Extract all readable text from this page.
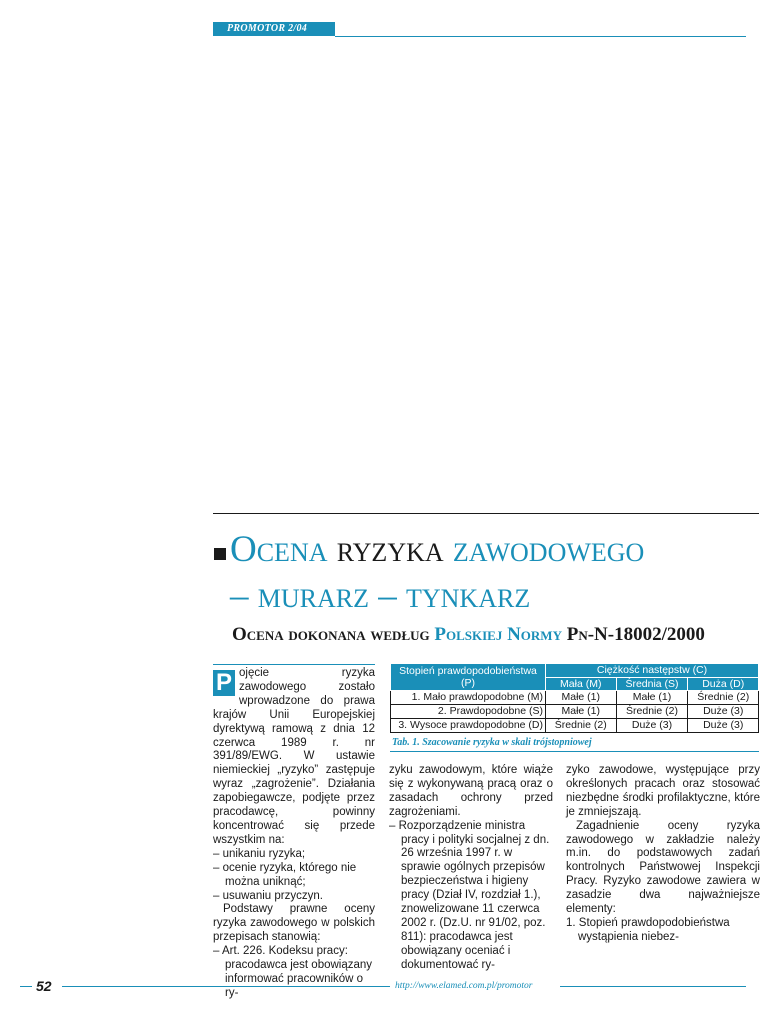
PROMOTOR 2/04
Ocena ryzyka zawodowego
– murarz – tynkarz
Ocena dokonana według Polskiej Normy Pn-N-18002/2000

P ojęcie ryzyka zawodowego zostało wprowadzone do prawa krajów Unii Europejskiej dyrektywą ramową z dnia 12 czerwca 1989 r. nr 391/89/EWG. W ustawie niemieckiej „ryzyko” zastępuje wyraz „zagrożenie”. Działania zapobiegawcze, podjęte przez pracodawcę, powinny koncentrować się przede wszystkim na:

– unikaniu ryzyka;

– ocenie ryzyka, którego nie można uniknąć;

– usuwaniu przyczyn.

Podstawy prawne oceny ryzyka zawodowego w polskich przepisach stanowią:

– Art. 226. Kodeksu pracy: pracodawca jest obowiązany informować pracowników o ry-

Stopień prawdopodobieństwa (P)	Ciężkość następstw (C)		
	Mała (M)	Średnia (S)	Duża (D)
1. Mało prawdopodobne (M)	Małe (1)	Małe (1)	Średnie (2)
2. Prawdopodobne (S)	Małe (1)	Średnie (2)	Duże (3)
3. Wysoce prawdopodobne (D)	Średnie (2)	Duże (3)	Duże (3)
Tab. 1. Szacowanie ryzyka w skali trójstopniowej

zyku zawodowym, które wiąże się z wykonywaną pracą oraz o zasadach ochrony przed zagrożeniami.

– Rozporządzenie ministra pracy i polityki socjalnej z dn. 26 września 1997 r. w sprawie ogólnych przepisów bezpieczeństwa i higieny pracy (Dział IV, rozdział 1.), znowelizowane 11 czerwca 2002 r. (Dz.U. nr 91/02, poz. 811): pracodawca jest obowiązany oceniać i dokumentować ry-

zyko zawodowe, występujące przy określonych pracach oraz stosować niezbędne środki profilaktyczne, które je zmniejszają.

Zagadnienie oceny ryzyka zawodowego w zakładzie należy m.in. do podstawowych zadań kontrolnych Państwowej Inspekcji Pracy. Ryzyko zawodowe zawiera w zasadzie dwa najważniejsze elementy:

1. Stopień prawdopodobieństwa wystąpienia niebez-

52	http://www.elamed.com.pl/promotor
